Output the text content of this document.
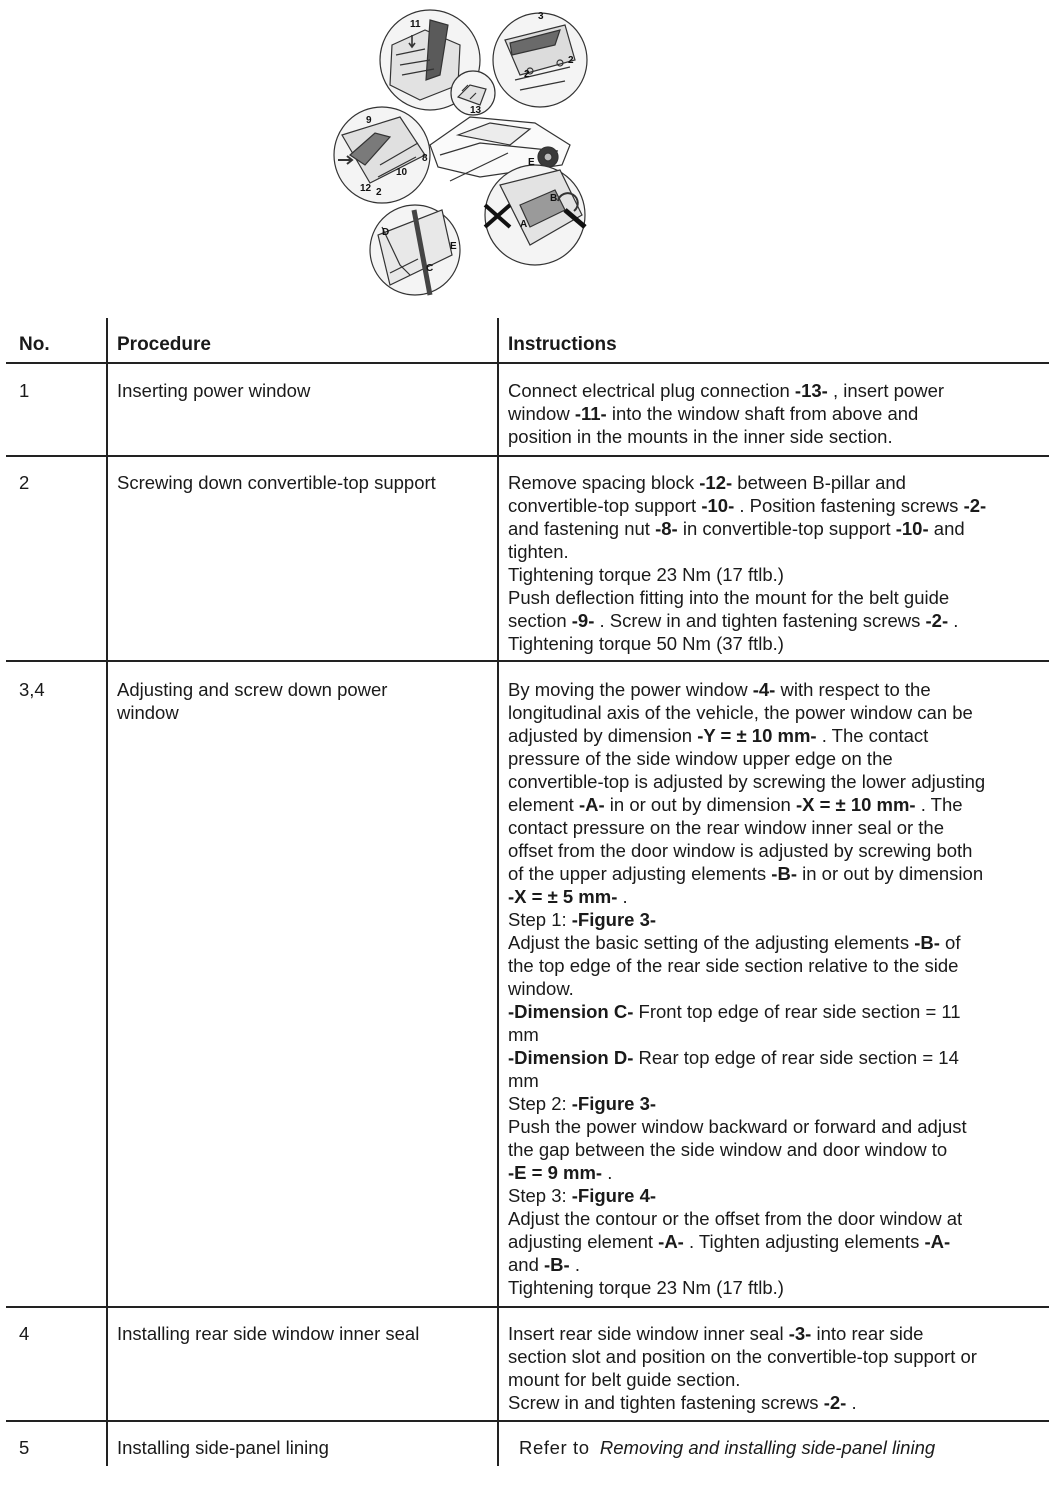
11
3
2
2
13
9
8
10
12 2
E
A
B
D
C
E
No.	Procedure	Instructions
1	Inserting power window	Connect electrical plug connection -13- , insert power
window -11- into the window shaft from above and
position in the mounts in the inner side section.
2	Screwing down convertible-top support	Remove spacing block -12- between B-pillar and
convertible-top support -10- . Position fastening screws -2-
and fastening nut -8- in convertible-top support -10- and
tighten.
Tightening torque 23 Nm (17 ftlb.)
Push deflection fitting into the mount for the belt guide
section -9- . Screw in and tighten fastening screws -2- .
Tightening torque 50 Nm (37 ftlb.)
3,4	Adjusting and screw down power
window
By moving the power window -4- with respect to the
longitudinal axis of the vehicle, the power window can be
adjusted by dimension -Y = ± 10 mm- . The contact
pressure of the side window upper edge on the
convertible-top is adjusted by screwing the lower adjusting
element -A- in or out by dimension -X = ± 10 mm- . The
contact pressure on the rear window inner seal or the
offset from the door window is adjusted by screwing both
of the upper adjusting elements -B- in or out by dimension
-X = ± 5 mm- .
Step 1: -Figure 3-
Adjust the basic setting of the adjusting elements -B- of
the top edge of the rear side section relative to the side
window.
-Dimension C- Front top edge of rear side section = 11
mm
-Dimension D- Rear top edge of rear side section = 14
mm
Step 2: -Figure 3-
Push the power window backward or forward and adjust
the gap between the side window and door window to
-E = 9 mm- .
Step 3: -Figure 4-
Adjust the contour or the offset from the door window at
adjusting element -A- . Tighten adjusting elements -A-
and -B- .
Tightening torque 23 Nm (17 ftlb.)
4	Installing rear side window inner seal	Insert rear side window inner seal -3- into rear side
section slot and position on the convertible-top support or
mount for belt guide section.
Screw in and tighten fastening screws -2- .
5	Installing side-panel lining	Refer to Removing and installing side-panel lining
